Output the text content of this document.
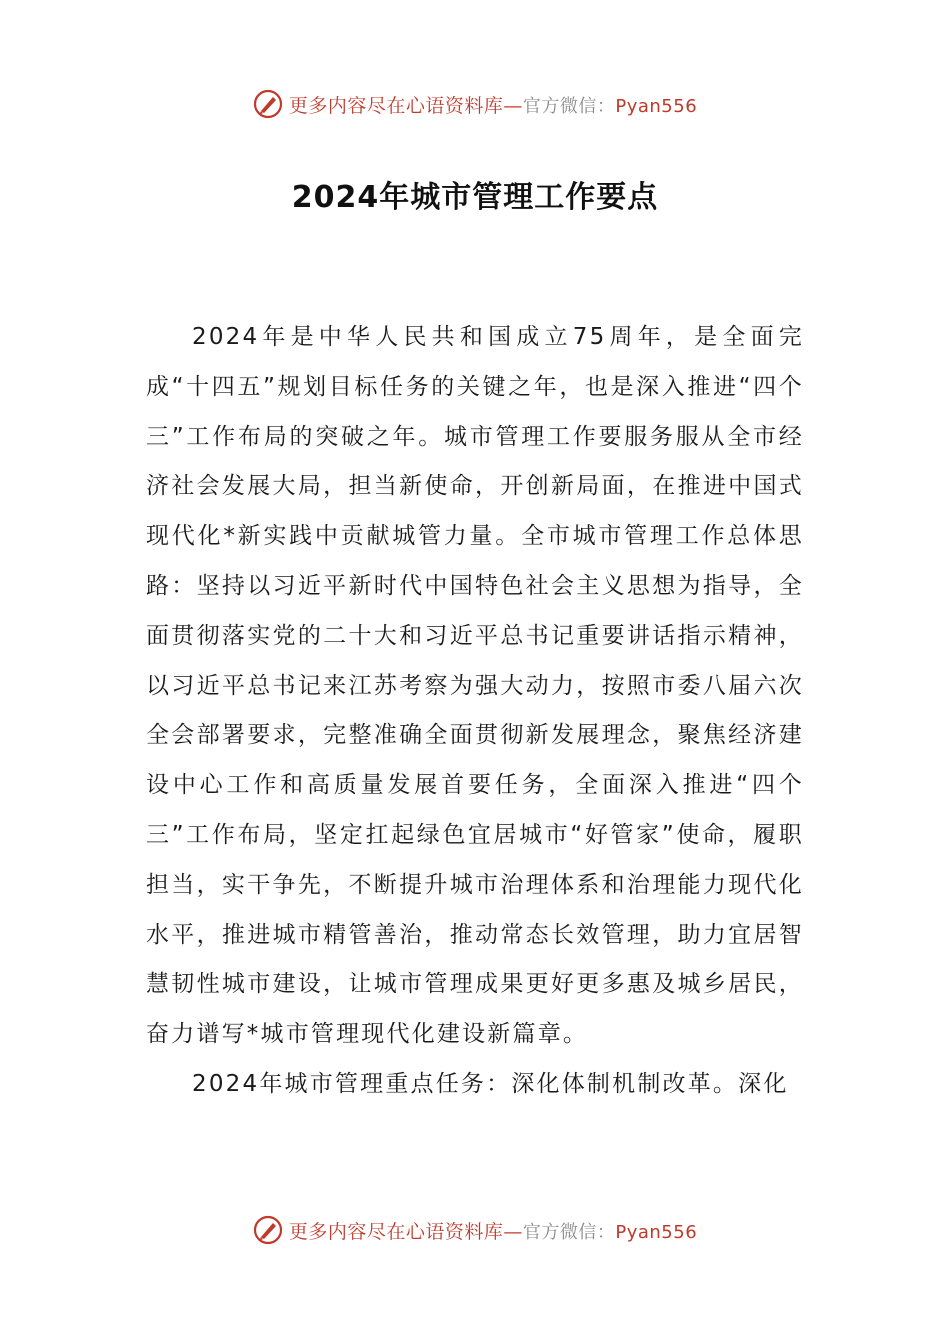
更多内容尽在心语资料库—官方微信：Pyan556
2024年城市管理工作要点

2024年是中华人民共和国成立75周年，是全面完成“十四五”规划目标任务的关键之年，也是深入推进“四个三”工作布局的突破之年。城市管理工作要服务服从全市经济社会发展大局，担当新使命，开创新局面，在推进中国式现代化*新实践中贡献城管力量。全市城市管理工作总体思路：坚持以习近平新时代中国特色社会主义思想为指导，全面贯彻落实党的二十大和习近平总书记重要讲话指示精神，以习近平总书记来江苏考察为强大动力，按照市委八届六次全会部署要求，完整准确全面贯彻新发展理念，聚焦经济建设中心工作和高质量发展首要任务，全面深入推进“四个三”工作布局，坚定扛起绿色宜居城市“好管家”使命，履职担当，实干争先，不断提升城市治理体系和治理能力现代化水平，推进城市精管善治，推动常态长效管理，助力宜居智慧韧性城市建设，让城市管理成果更好更多惠及城乡居民，奋力谱写*城市管理现代化建设新篇章。

2024年城市管理重点任务：深化体制机制改革。深化

更多内容尽在心语资料库—官方微信：Pyan556
